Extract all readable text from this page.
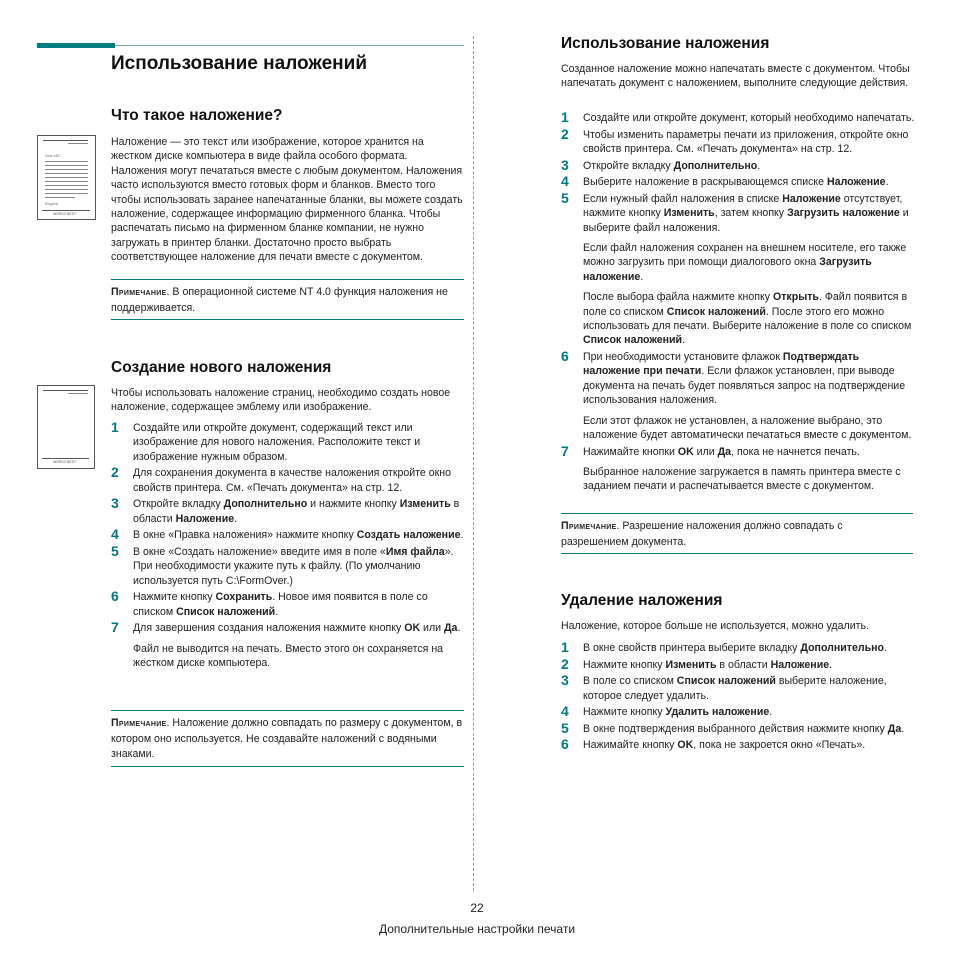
Использование наложений
Что такое наложение?
Dear ABC
Regards
WORLD BEST
Наложение — это текст или изображение, которое хранится на жестком диске компьютера в виде файла особого формата. Наложения могут печататься вместе с любым документом. Наложения часто используются вместо готовых форм и бланков. Вместо того чтобы использовать заранее напечатанные бланки, вы можете создать наложение, содержащее информацию фирменного бланка. Чтобы распечатать письмо на фирменном бланке компании, не нужно загружать в принтер бланки. Достаточно просто выбрать соответствующее наложение для печати вместе с документом.
Примечание. В операционной системе NT 4.0 функция наложения не поддерживается.
Создание нового наложения
WORLD BEST
Чтобы использовать наложение страниц, необходимо создать новое наложение, содержащее эмблему или изображение.
1 Создайте или откройте документ, содержащий текст или изображение для нового наложения. Расположите текст и изображение нужным образом.
2 Для сохранения документа в качестве наложения откройте окно свойств принтера. См. «Печать документа» на стр. 12.
3 Откройте вкладку Дополнительно и нажмите кнопку Изменить в области Наложение.
4 В окне «Правка наложения» нажмите кнопку Создать наложение.
5 В окне «Создать наложение» введите имя в поле «Имя файла». При необходимости укажите путь к файлу. (По умолчанию используется путь C:\FormOver.)
6 Нажмите кнопку Сохранить. Новое имя появится в поле со списком Список наложений.
7 Для завершения создания наложения нажмите кнопку OK или Да.
Файл не выводится на печать. Вместо этого он сохраняется на жестком диске компьютера.
Примечание. Наложение должно совпадать по размеру с документом, в котором оно используется. Не создавайте наложений с водяными знаками.
Использование наложения
Созданное наложение можно напечатать вместе с документом. Чтобы напечатать документ с наложением, выполните следующие действия.
1 Создайте или откройте документ, который необходимо напечатать.
2 Чтобы изменить параметры печати из приложения, откройте окно свойств принтера. См. «Печать документа» на стр. 12.
3 Откройте вкладку Дополнительно.
4 Выберите наложение в раскрывающемся списке Наложение.
5 Если нужный файл наложения в списке Наложение отсутствует, нажмите кнопку Изменить, затем кнопку Загрузить наложение и выберите файл наложения.
Если файл наложения сохранен на внешнем носителе, его также можно загрузить при помощи диалогового окна Загрузить наложение.
После выбора файла нажмите кнопку Открыть. Файл появится в поле со списком Список наложений. После этого его можно использовать для печати. Выберите наложение в поле со списком Список наложений.
6 При необходимости установите флажок Подтверждать наложение при печати. Если флажок установлен, при выводе документа на печать будет появляться запрос на подтверждение использования наложения.
Если этот флажок не установлен, а наложение выбрано, это наложение будет автоматически печататься вместе с документом.
7 Нажимайте кнопки OK или Да, пока не начнется печать.
Выбранное наложение загружается в память принтера вместе с заданием печати и распечатывается вместе с документом.
Примечание. Разрешение наложения должно совпадать с разрешением документа.
Удаление наложения
Наложение, которое больше не используется, можно удалить.
1 В окне свойств принтера выберите вкладку Дополнительно.
2 Нажмите кнопку Изменить в области Наложение.
3 В поле со списком Список наложений выберите наложение, которое следует удалить.
4 Нажмите кнопку Удалить наложение.
5 В окне подтверждения выбранного действия нажмите кнопку Да.
6 Нажимайте кнопку OK, пока не закроется окно «Печать».
22
Дополнительные настройки печати
